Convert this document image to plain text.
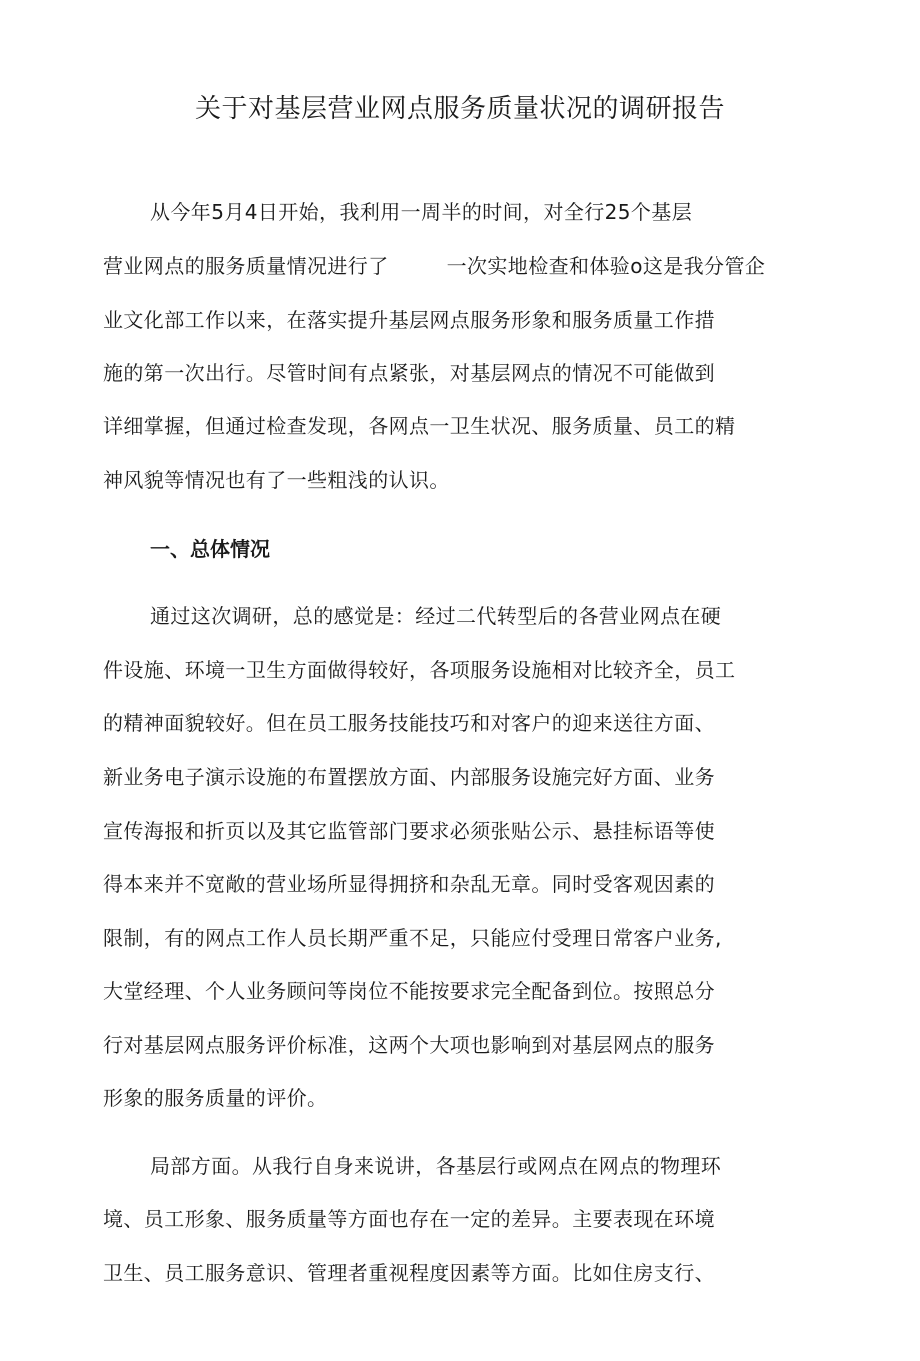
关于对基层营业网点服务质量状况的调研报告
从今年5月4日开始，我利用一周半的时间，对全行25个基层
营业网点的服务质量情况进行了	一次实地检查和体验o这是我分管企
业文化部工作以来，在落实提升基层网点服务形象和服务质量工作措
施的第一次出行。尽管时间有点紧张，对基层网点的情况不可能做到
详细掌握，但通过检查发现，各网点一卫生状况、服务质量、员工的精
神风貌等情况也有了一些粗浅的认识。
一、总体情况
通过这次调研，总的感觉是：经过二代转型后的各营业网点在硬
件设施、环境一卫生方面做得较好，各项服务设施相对比较齐全，员工
的精神面貌较好。但在员工服务技能技巧和对客户的迎来送往方面、
新业务电子演示设施的布置摆放方面、内部服务设施完好方面、业务
宣传海报和折页以及其它监管部门要求必须张贴公示、悬挂标语等使
得本来并不宽敞的营业场所显得拥挤和杂乱无章。同时受客观因素的
限制，有的网点工作人员长期严重不足，只能应付受理日常客户业务,
大堂经理、个人业务顾问等岗位不能按要求完全配备到位。按照总分
行对基层网点服务评价标准，这两个大项也影响到对基层网点的服务
形象的服务质量的评价。
局部方面。从我行自身来说讲，各基层行或网点在网点的物理环
境、员工形象、服务质量等方面也存在一定的差异。主要表现在环境
卫生、员工服务意识、管理者重视程度因素等方面。比如住房支行、
